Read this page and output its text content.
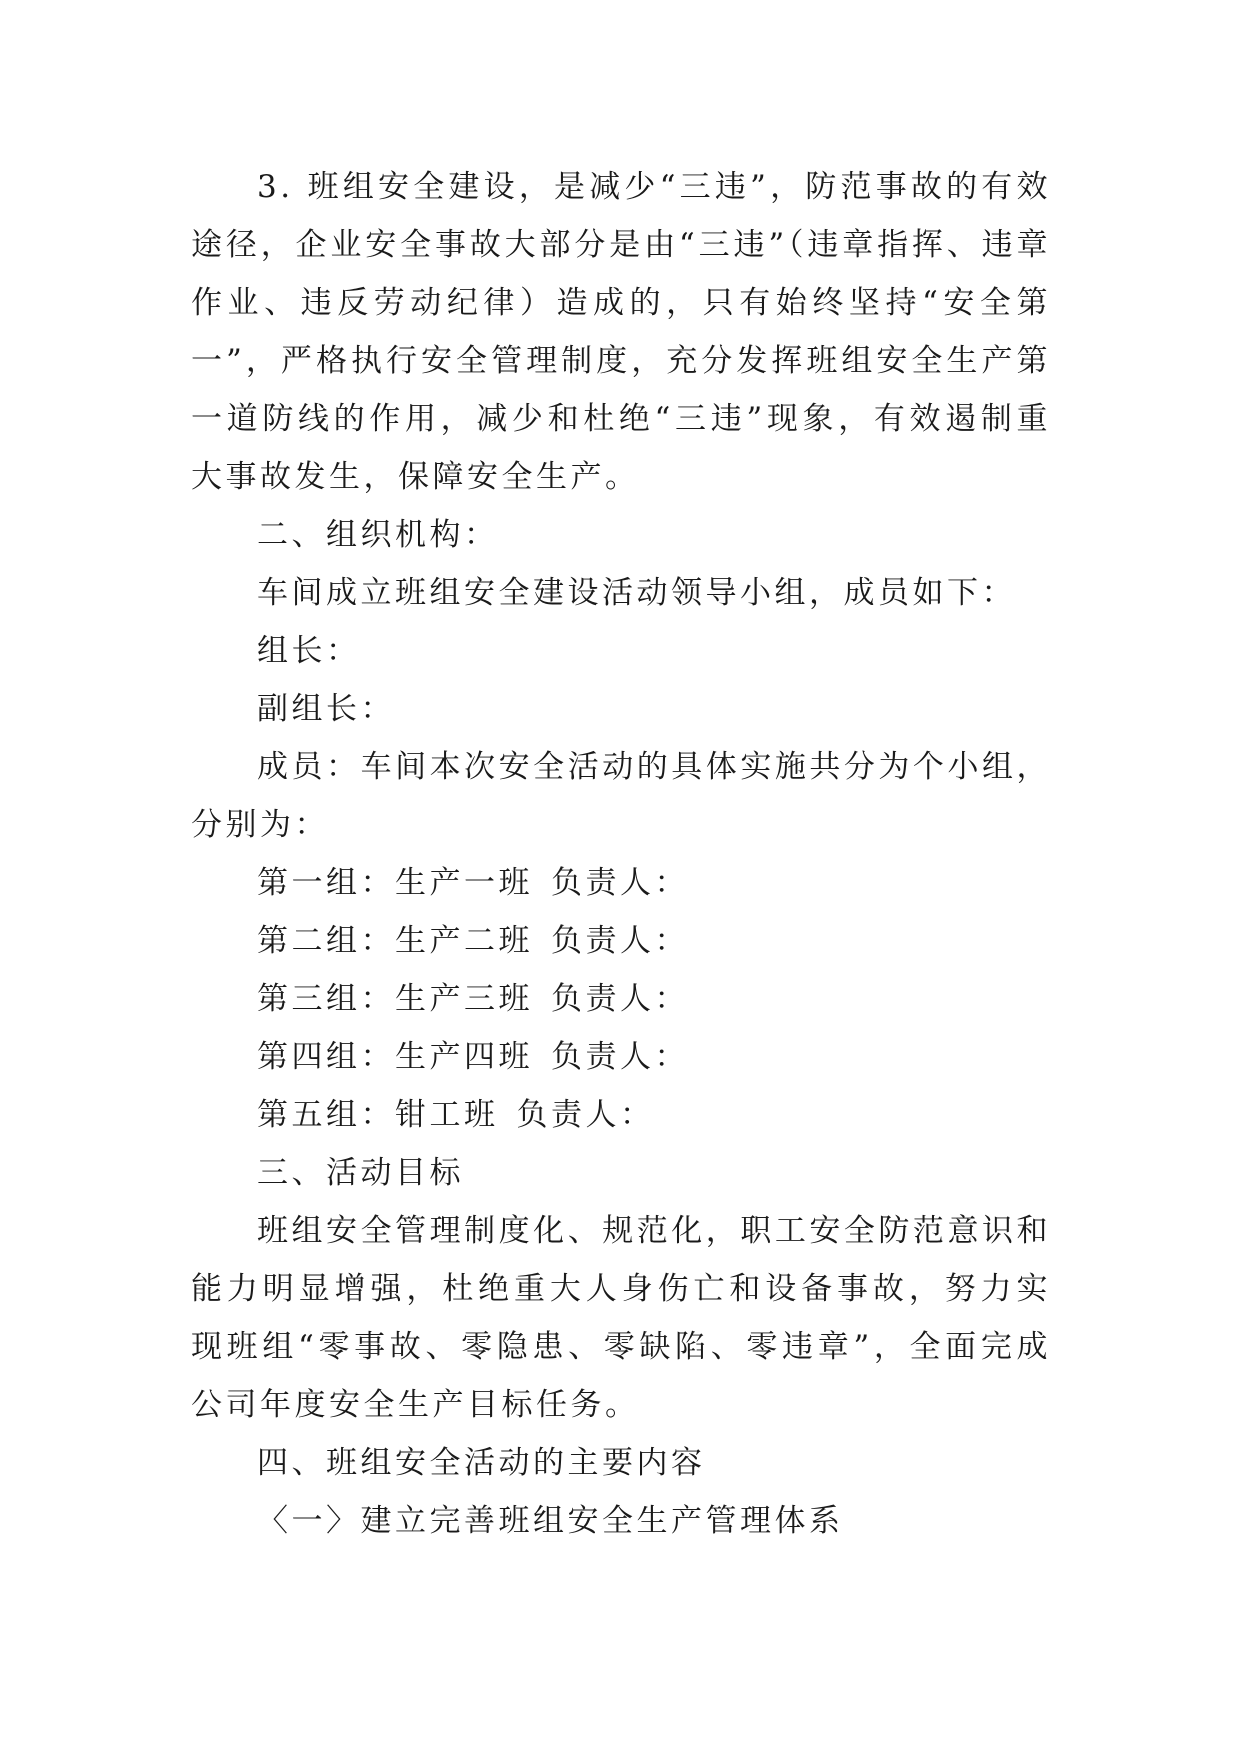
3. 班组安全建设，是减少“三违”，防范事故的有效途径，企业安全事故大部分是由“三违”（违章指挥、违章作业、违反劳动纪律）造成的，只有始终坚持“安全第一”，严格执行安全管理制度，充分发挥班组安全生产第一道防线的作用，减少和杜绝“三违”现象，有效遏制重大事故发生，保障安全生产。

二、组织机构：

车间成立班组安全建设活动领导小组，成员如下：

组长：

副组长：

成员：车间本次安全活动的具体实施共分为个小组，分别为：

第一组：生产一班 负责人：

第二组：生产二班 负责人：

第三组：生产三班 负责人：

第四组：生产四班 负责人：

第五组：钳工班 负责人：

三、活动目标

班组安全管理制度化、规范化，职工安全防范意识和能力明显增强，杜绝重大人身伤亡和设备事故，努力实现班组“零事故、零隐患、零缺陷、零违章”，全面完成公司年度安全生产目标任务。

四、班组安全活动的主要内容

〈一〉建立完善班组安全生产管理体系
